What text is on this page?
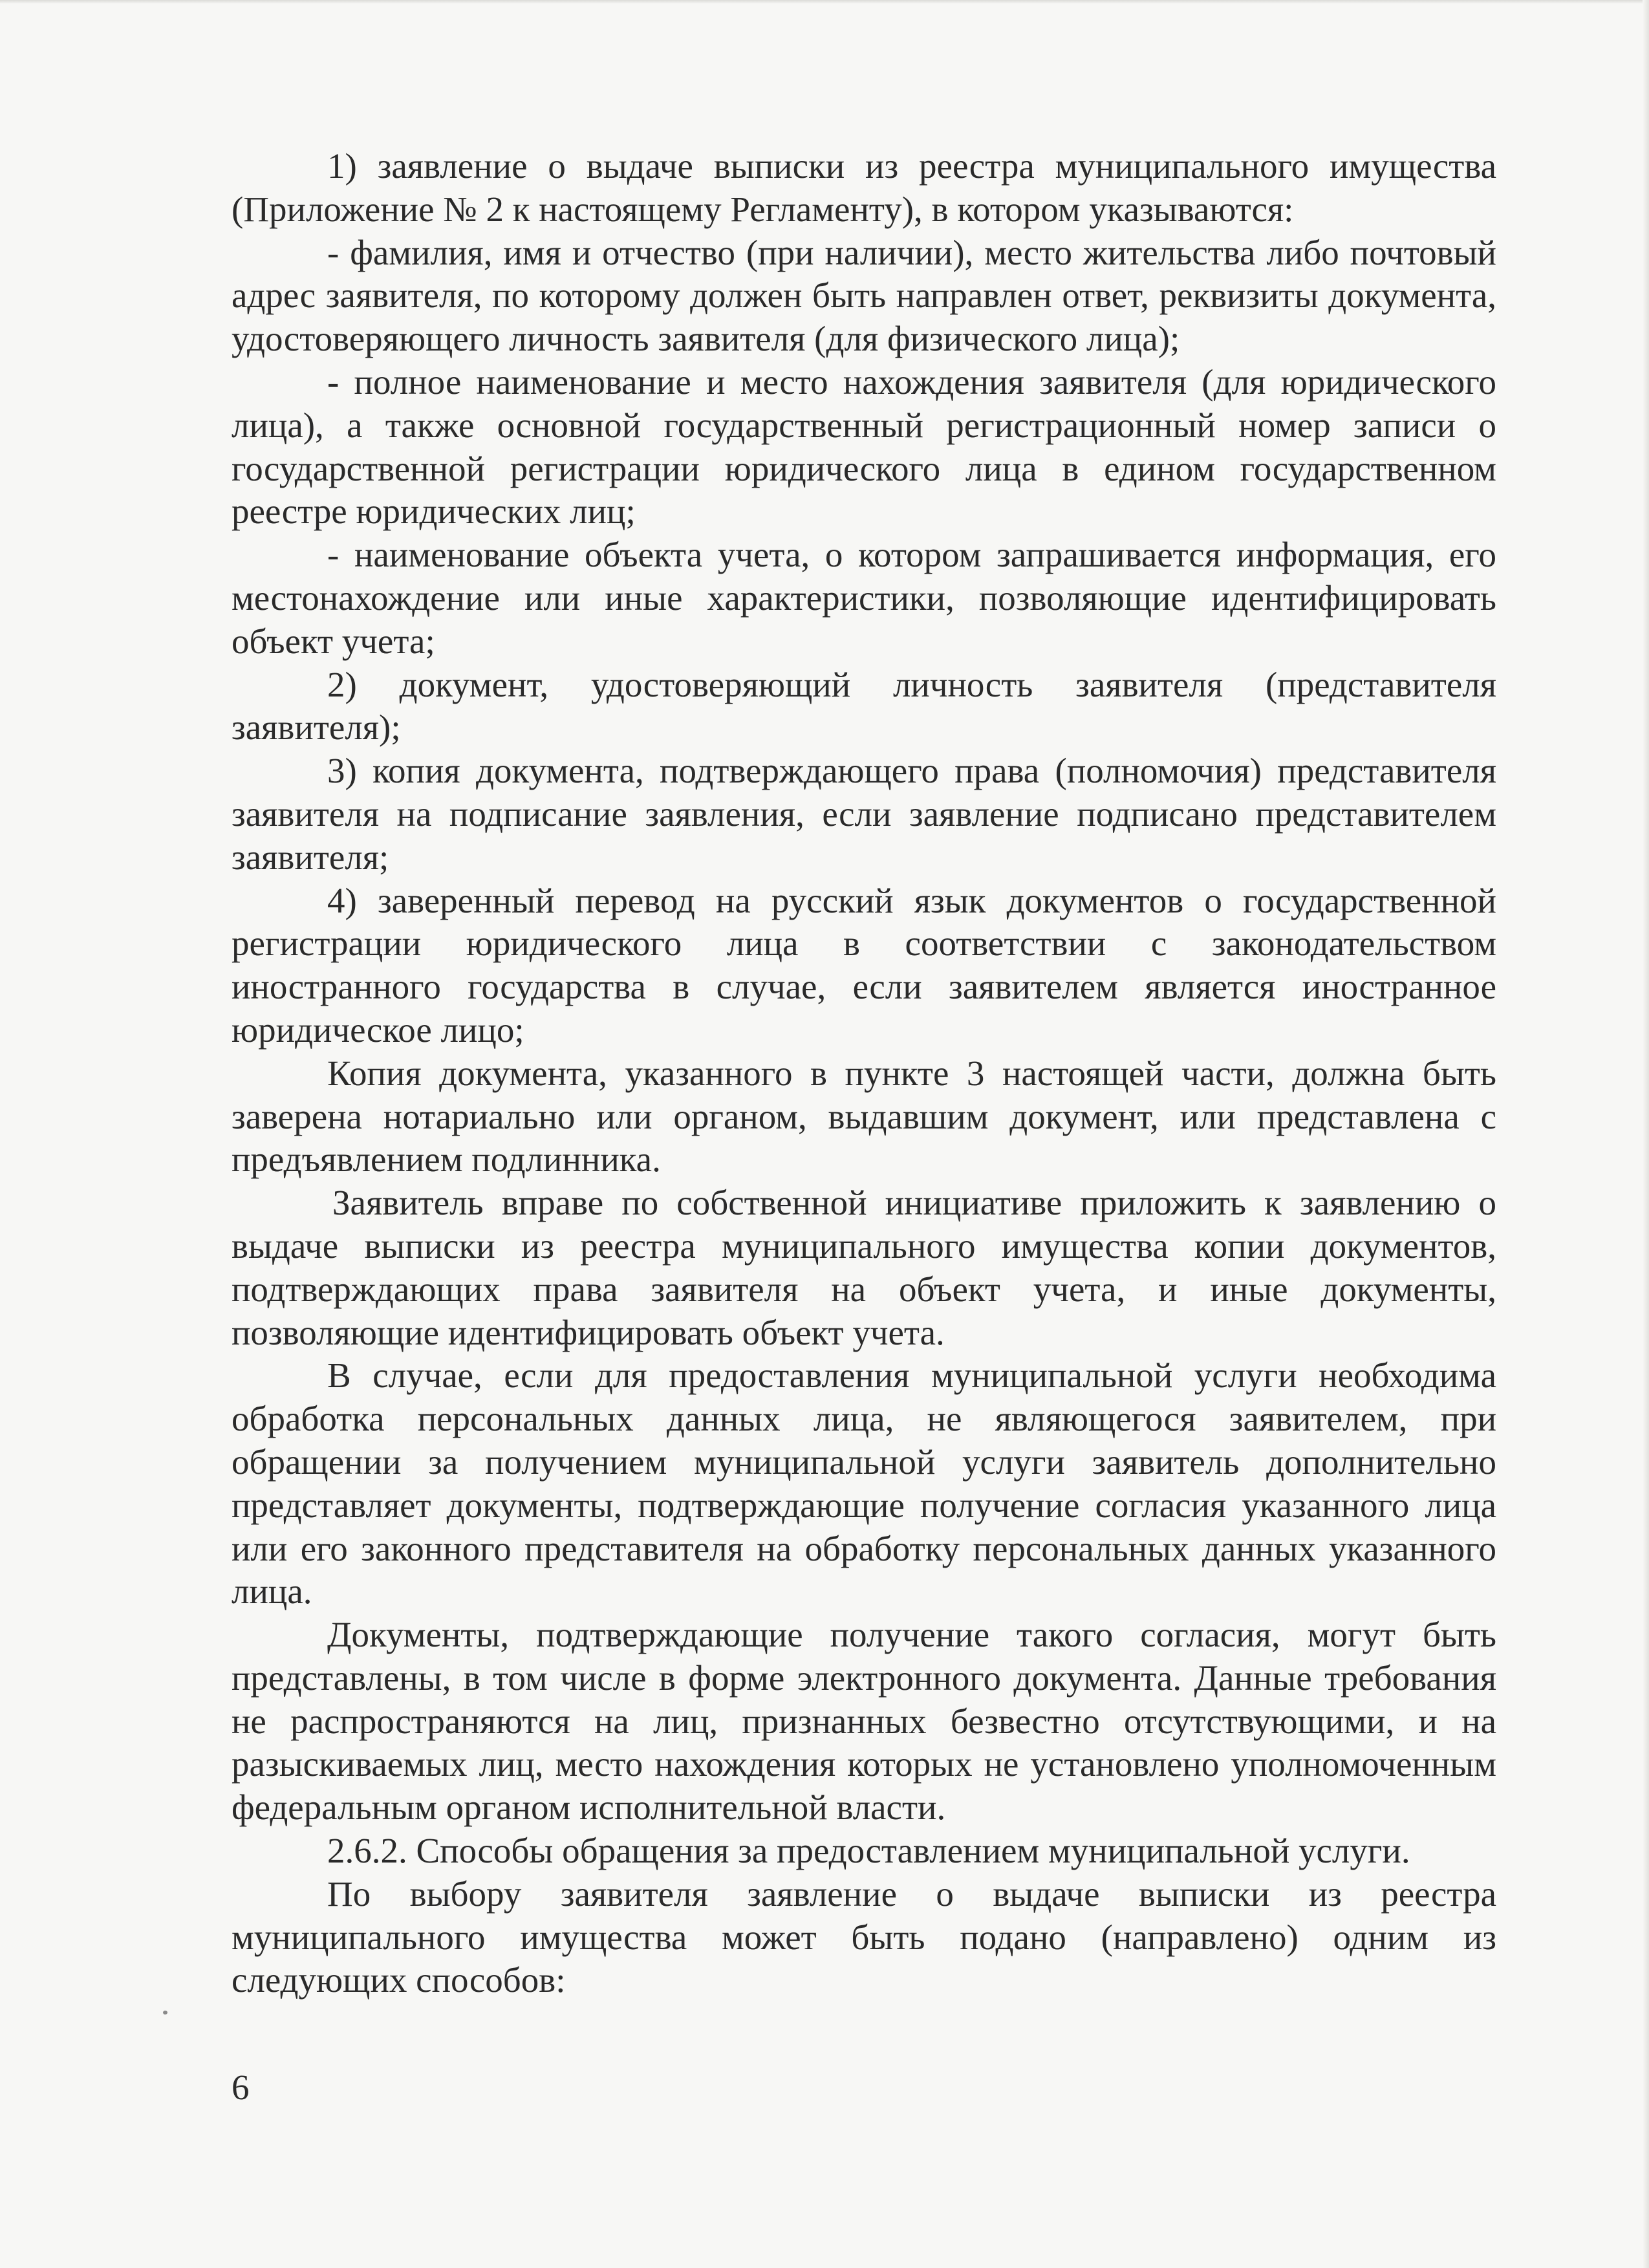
1) заявление о выдаче выписки из реестра муниципального имущества (Приложение № 2 к настоящему Регламенту), в котором указываются:

- фамилия, имя и отчество (при наличии), место жительства либо почтовый адрес заявителя, по которому должен быть направлен ответ, реквизиты документа, удостоверяющего личность заявителя (для физического лица);

- полное наименование и место нахождения заявителя (для юридического лица), а также основной государственный регистрационный номер записи о государственной регистрации юридического лица в едином государственном реестре юридических лиц;

- наименование объекта учета, о котором запрашивается информация, его местонахождение или иные характеристики, позволяющие идентифицировать объект учета;

2) документ, удостоверяющий личность заявителя (представителя заявителя);

3) копия документа, подтверждающего права (полномочия) представителя заявителя на подписание заявления, если заявление подписано представителем заявителя;

4) заверенный перевод на русский язык документов о государственной регистрации юридического лица в соответствии с законодательством иностранного государства в случае, если заявителем является иностранное юридическое лицо;

Копия документа, указанного в пункте 3 настоящей части, должна быть заверена нотариально или органом, выдавшим документ, или представлена с предъявлением подлинника.

Заявитель вправе по собственной инициативе приложить к заявлению о выдаче выписки из реестра муниципального имущества копии документов, подтверждающих права заявителя на объект учета, и иные документы, позволяющие идентифицировать объект учета.

В случае, если для предоставления муниципальной услуги необходима обработка персональных данных лица, не являющегося заявителем, при обращении за получением муниципальной услуги заявитель дополнительно представляет документы, подтверждающие получение согласия указанного лица или его законного представителя на обработку персональных данных указанного лица.

Документы, подтверждающие получение такого согласия, могут быть представлены, в том числе в форме электронного документа. Данные требования не распространяются на лиц, признанных безвестно отсутствующими, и на разыскиваемых лиц, место нахождения которых не установлено уполномоченным федеральным органом исполнительной власти.

2.6.2. Способы обращения за предоставлением муниципальной услуги.

По выбору заявителя заявление о выдаче выписки из реестра муниципального имущества может быть подано (направлено) одним из следующих способов:

6
